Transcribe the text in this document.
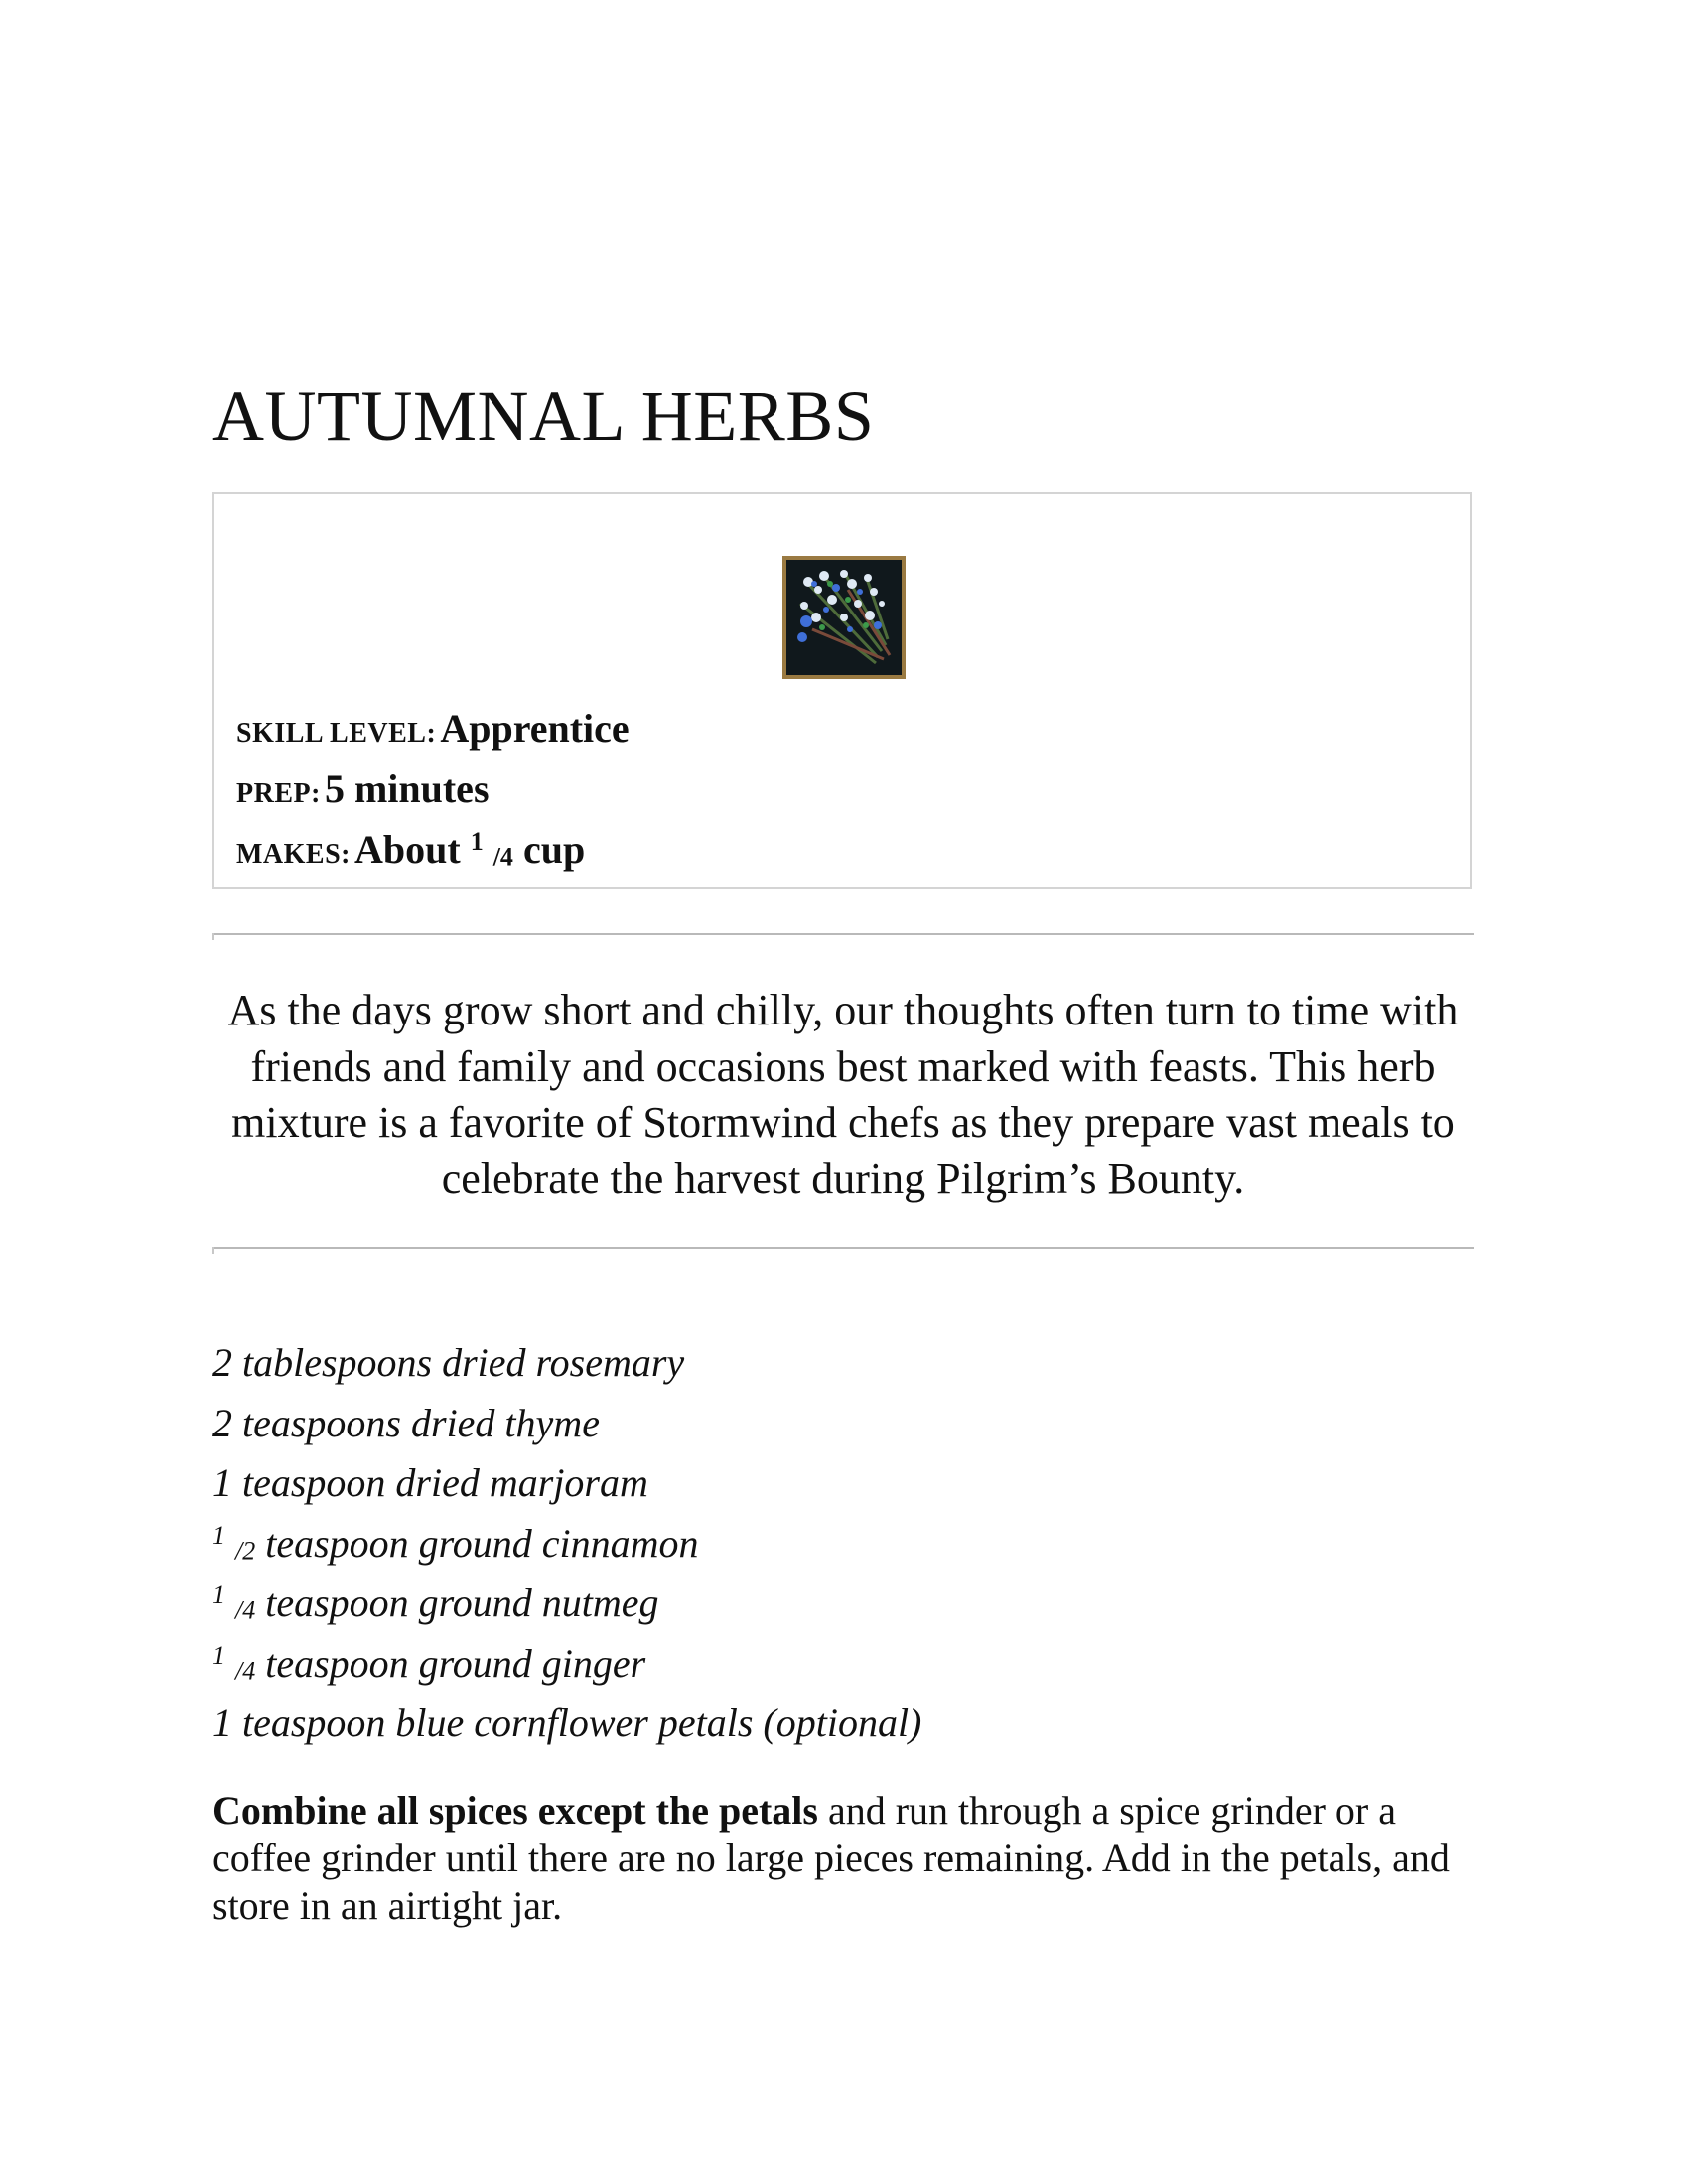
AUTUMNAL HERBS
SKILL LEVEL: Apprentice
PREP: 5 minutes
MAKES: About $^1$ $_{/4}$ cup

As the days grow short and chilly, our thoughts often turn to time with friends and family and occasions best marked with feasts. This herb mixture is a favorite of Stormwind chefs as they prepare vast meals to celebrate the harvest during Pilgrim’s Bounty.

2 tablespoons dried rosemary
2 teaspoons dried thyme
1 teaspoon dried marjoram
$^1$ $_{/2}$ teaspoon ground cinnamon
$^1$ $_{/4}$ teaspoon ground nutmeg
$^1$ $_{/4}$ teaspoon ground ginger
1 teaspoon blue cornflower petals (optional)

Combine all spices except the petals and run through a spice grinder or a coffee grinder until there are no large pieces remaining. Add in the petals, and store in an airtight jar.
